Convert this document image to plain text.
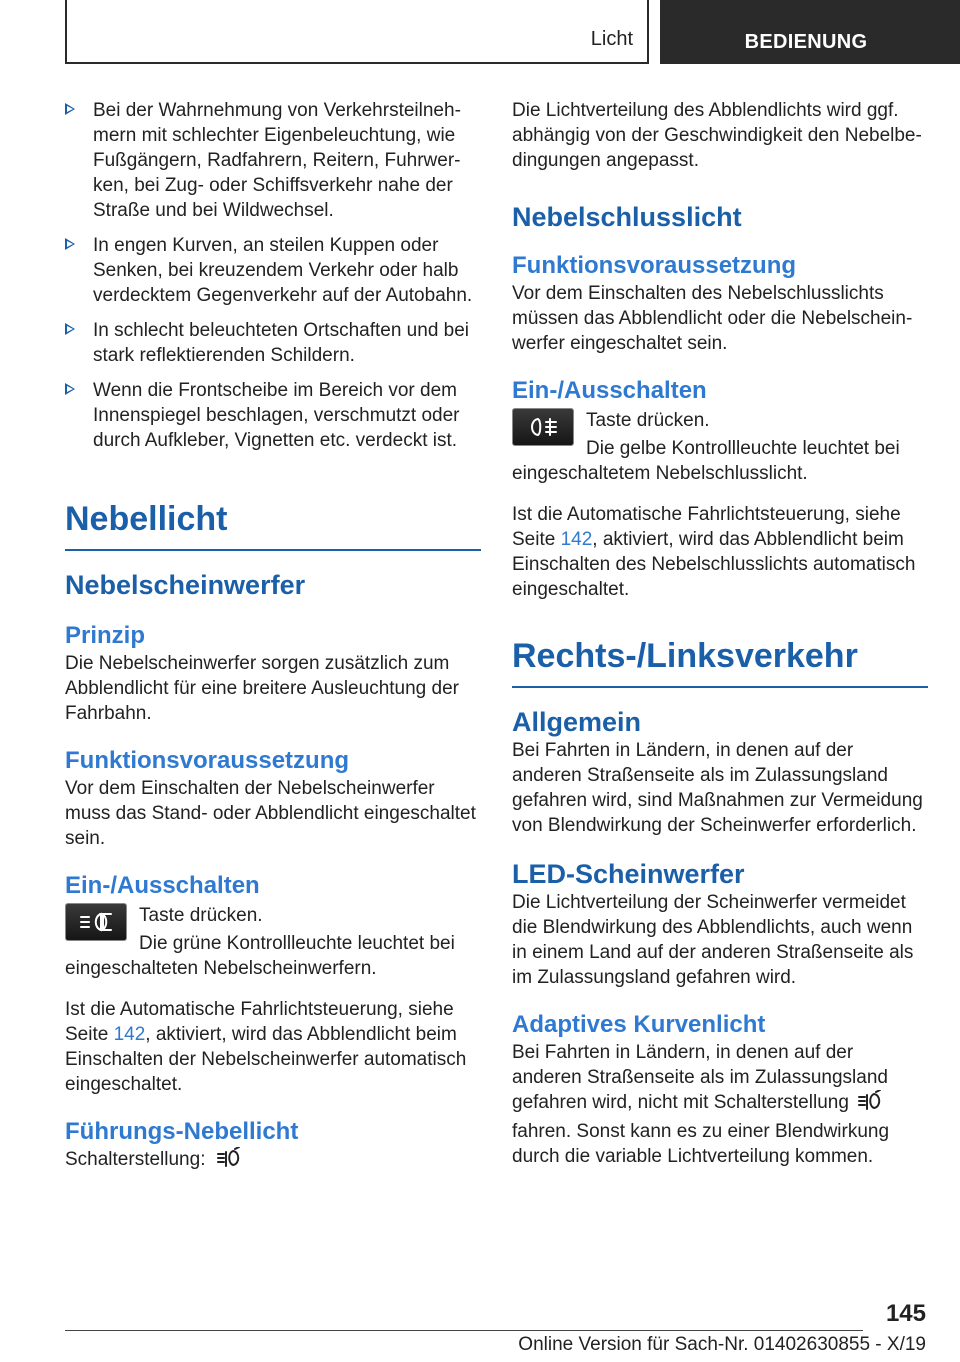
Licht	BEDIENUNG

Bei der Wahrnehmung von Verkehrsteilnehmern mit schlechter Eigenbeleuchtung, wie Fußgängern, Radfahrern, Reitern, Fuhrwerken, bei Zug- oder Schiffsverkehr nahe der Straße und bei Wildwechsel.

In engen Kurven, an steilen Kuppen oder Senken, bei kreuzendem Verkehr oder halb verdecktem Gegenverkehr auf der Autobahn.

In schlecht beleuchteten Ortschaften und bei stark reflektierenden Schildern.

Wenn die Frontscheibe im Bereich vor dem Innenspiegel beschlagen, verschmutzt oder durch Aufkleber, Vignetten etc. verdeckt ist.

Nebellicht
Nebelscheinwerfer
Prinzip

Die Nebelscheinwerfer sorgen zusätzlich zum Abblendlicht für eine breitere Ausleuchtung der Fahrbahn.

Funktionsvoraussetzung

Vor dem Einschalten der Nebelscheinwerfer muss das Stand- oder Abblendlicht eingeschaltet sein.

Ein-/Ausschalten

Taste drücken.

Die grüne Kontrollleuchte leuchtet bei

eingeschalteten Nebelscheinwerfern.

Ist die Automatische Fahrlichtsteuerung, siehe Seite 142, aktiviert, wird das Abblendlicht beim Einschalten der Nebelscheinwerfer automatisch eingeschaltet.

Führungs-Nebellicht

Schalterstellung:

Die Lichtverteilung des Abblendlichts wird ggf. abhängig von der Geschwindigkeit den Nebelbedingungen angepasst.

Nebelschlusslicht
Funktionsvoraussetzung

Vor dem Einschalten des Nebelschlusslichts müssen das Abblendlicht oder die Nebelscheinwerfer eingeschaltet sein.

Ein-/Ausschalten

Taste drücken.

Die gelbe Kontrollleuchte leuchtet bei

eingeschaltetem Nebelschlusslicht.

Ist die Automatische Fahrlichtsteuerung, siehe Seite 142, aktiviert, wird das Abblendlicht beim Einschalten des Nebelschlusslichts automatisch eingeschaltet.

Rechts-/Linksverkehr
Allgemein

Bei Fahrten in Ländern, in denen auf der anderen Straßenseite als im Zulassungsland gefahren wird, sind Maßnahmen zur Vermeidung von Blendwirkung der Scheinwerfer erforderlich.

LED-Scheinwerfer

Die Lichtverteilung der Scheinwerfer vermeidet die Blendwirkung des Abblendlichts, auch wenn in einem Land auf der anderen Straßenseite als im Zulassungsland gefahren wird.

Adaptives Kurvenlicht

Bei Fahrten in Ländern, in denen auf der anderen Straßenseite als im Zulassungsland gefahren wird, nicht mit Schalterstellung  fahren. Sonst kann es zu einer Blendwirkung durch die variable Lichtverteilung kommen.

145
Online Version für Sach-Nr. 01402630855 - X/19
